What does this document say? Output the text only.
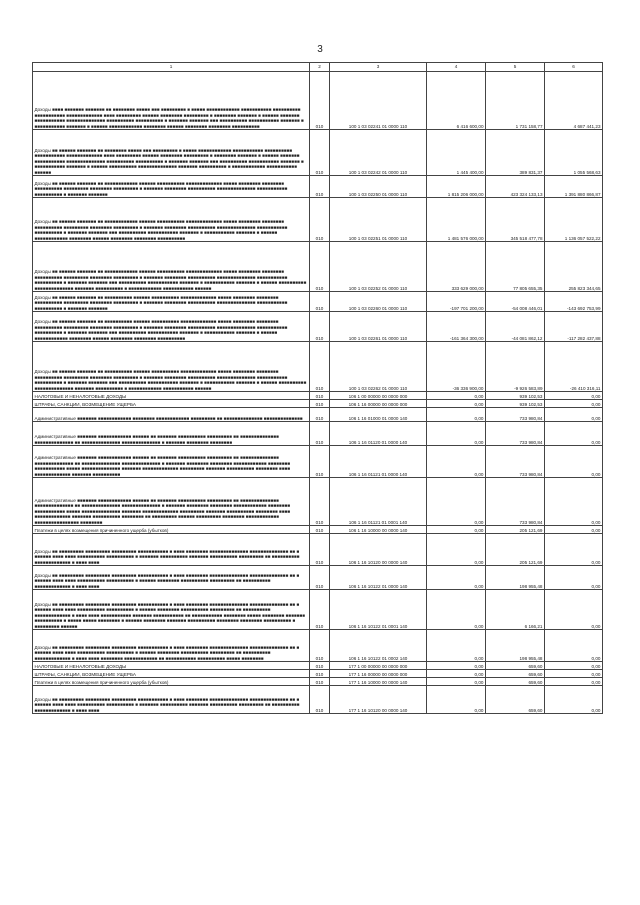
3
1	2	3	4	5	6

Доходы ■■■■ ■■■■■■■ ■■■■■■■ ■■ ■■■■■■■■ ■■■■■ ■■■ ■■■■■■■■■ ■ ■■■■■ ■■■■■■■■■■■■ ■■■■■■■■■■■ ■■■■■■■■■■ ■■■■■■■■■■■ ■■■■■■■■■■■■■ ■■■■ ■■■■■■■■■ ■■■■■■ ■■■■■■■■ ■■■■■■■■■ ■ ■■■■■■■■ ■■■■■■■ ■ ■■■■■■ ■■■■■■■ ■■■■■■■■■■■ ■■■■■■■■■■■■■■ ■■■■■■■■■■ ■■■■■■■■■■ ■ ■■■■■■■ ■■■■■■■ ■■■ ■■■■■■■■■■ ■■■■■■■■■■■ ■■■■■■■ ■ ■■■■■■■■■■■ ■■■■■■■ ■ ■■■■■■ ■■■■■■■■■■■■ ■■■■■■■■ ■■■■■■ ■■■■■■■■ ■■■■■■■■ ■■■■■■■■■■	010	100 1 03 02241 01 0000 110	6 416 600,00	1 731 158,77	4 687 441,23

Доходы ■■ ■■■■■■ ■■■■■■■ ■■ ■■■■■■■■ ■■■■■ ■■■ ■■■■■■■■■ ■ ■■■■■ ■■■■■■■■■■■■ ■■■■■■■■■■■ ■■■■■■■■■■ ■■■■■■■■■■■ ■■■■■■■■■■■■■ ■■■■ ■■■■■■■■■ ■■■■■■ ■■■■■■■■ ■■■■■■■■■ ■ ■■■■■■■■ ■■■■■■■ ■ ■■■■■■ ■■■■■■■ ■■■■■■■■■■■ ■■■■■■■■■■■■■■ ■■■■■■■■■■ ■■■■■■■■■■ ■ ■■■■■■■ ■■■■■■■ ■■■ ■■■■■■■■■■ ■■■■■■■■■■■ ■■■■■■■ ■ ■■■■■■■■■■■ ■■■■■■■ ■ ■■■■■■ ■■■■■■■■■■ ■■■■■■■■■■■■■■ ■■■■■■■ ■■■■■■■■■■ ■ ■■■■■■■■■■■■ ■■■■■■■■■■■ ■■■■■■	010	100 1 03 02242 01 0000 110	1 445 400,00	389 831,37	1 055 568,63

Доходы ■■ ■■■■■■ ■■■■■■■ ■■ ■■■■■■■■■■■■ ■■■■■■ ■■■■■■■■■■ ■■■■■■■■■■■■■ ■■■■■ ■■■■■■■■ ■■■■■■■■ ■■■■■■■■■■ ■■■■■■■■■ ■■■■■■■■ ■■■■■■■■■ ■ ■■■■■■■ ■■■■■■■■ ■■■■■■■■■■ ■■■■■■■■■■■■■■ ■■■■■■■■■■■ ■■■■■■■■■■ ■ ■■■■■■■ ■■■■■■■	010	100 1 03 02250 01 0000 110	1 815 206 000,00	423 324 133,13	1 391 880 866,87

Доходы ■■ ■■■■■■ ■■■■■■■ ■■ ■■■■■■■■■■■■ ■■■■■■ ■■■■■■■■■■ ■■■■■■■■■■■■■ ■■■■■ ■■■■■■■■ ■■■■■■■■ ■■■■■■■■■■ ■■■■■■■■■ ■■■■■■■■ ■■■■■■■■■ ■ ■■■■■■■ ■■■■■■■■ ■■■■■■■■■■ ■■■■■■■■■■■■■■ ■■■■■■■■■■■ ■■■■■■■■■■ ■ ■■■■■■■ ■■■■■■■ ■■■ ■■■■■■■■■■ ■■■■■■■■■■■ ■■■■■■■ ■ ■■■■■■■■■■■ ■■■■■■■ ■ ■■■■■■ ■■■■■■■■■■■■ ■■■■■■■■ ■■■■■■ ■■■■■■■■ ■■■■■■■■ ■■■■■■■■■■	010	100 1 03 02251 01 0000 110	1 481 576 000,00	345 518 477,78	1 136 057 522,22

Доходы ■■ ■■■■■■ ■■■■■■■ ■■ ■■■■■■■■■■■■ ■■■■■■ ■■■■■■■■■■ ■■■■■■■■■■■■■ ■■■■■ ■■■■■■■■ ■■■■■■■■ ■■■■■■■■■■ ■■■■■■■■■ ■■■■■■■■ ■■■■■■■■■ ■ ■■■■■■■ ■■■■■■■■ ■■■■■■■■■■ ■■■■■■■■■■■■■■ ■■■■■■■■■■■ ■■■■■■■■■■ ■ ■■■■■■■ ■■■■■■■ ■■■ ■■■■■■■■■■ ■■■■■■■■■■■ ■■■■■■■ ■ ■■■■■■■■■■■ ■■■■■■■ ■ ■■■■■■ ■■■■■■■■■■ ■■■■■■■■■■■■■■ ■■■■■■■ ■■■■■■■■■■ ■ ■■■■■■■■■■■■ ■■■■■■■■■■■ ■■■■■■	010	100 1 03 02252 01 0000 110	333 629 000,00	77 805 655,35	255 823 344,65

Доходы ■■ ■■■■■■ ■■■■■■■ ■■ ■■■■■■■■■■ ■■■■■■ ■■■■■■■■■■ ■■■■■■■■■■■■■ ■■■■■ ■■■■■■■■ ■■■■■■■■ ■■■■■■■■■■ ■■■■■■■■■ ■■■■■■■■ ■■■■■■■■■ ■ ■■■■■■■ ■■■■■■■■ ■■■■■■■■■■ ■■■■■■■■■■■■■■ ■■■■■■■■■■■ ■■■■■■■■■■ ■ ■■■■■■■ ■■■■■■■	010	100 1 03 02260 01 0000 110	-197 701 200,00	-54 008 446,01	-143 692 753,99

Доходы ■■ ■■■■■■ ■■■■■■■ ■■ ■■■■■■■■■■ ■■■■■■ ■■■■■■■■■■ ■■■■■■■■■■■■■ ■■■■■ ■■■■■■■■ ■■■■■■■■ ■■■■■■■■■■ ■■■■■■■■■ ■■■■■■■■ ■■■■■■■■■ ■ ■■■■■■■ ■■■■■■■■ ■■■■■■■■■■ ■■■■■■■■■■■■■■ ■■■■■■■■■■■ ■■■■■■■■■■ ■ ■■■■■■■ ■■■■■■■ ■■■ ■■■■■■■■■■ ■■■■■■■■■■■ ■■■■■■■ ■ ■■■■■■■■■■■ ■■■■■■■ ■ ■■■■■■ ■■■■■■■■■■■■ ■■■■■■■■ ■■■■■■ ■■■■■■■■ ■■■■■■■■ ■■■■■■■■■■	010	100 1 03 02261 01 0000 110	-161 364 300,00	-44 081 862,12	-117 282 437,88

Доходы ■■ ■■■■■■ ■■■■■■■ ■■ ■■■■■■■■■■ ■■■■■■ ■■■■■■■■■■ ■■■■■■■■■■■■■ ■■■■■ ■■■■■■■■ ■■■■■■■■ ■■■■■■■■■■ ■■■■■■■■■ ■■■■■■■■ ■■■■■■■■■ ■ ■■■■■■■ ■■■■■■■■ ■■■■■■■■■■ ■■■■■■■■■■■■■■ ■■■■■■■■■■■ ■■■■■■■■■■ ■ ■■■■■■■ ■■■■■■■ ■■■ ■■■■■■■■■■ ■■■■■■■■■■■ ■■■■■■■ ■ ■■■■■■■■■■■ ■■■■■■■ ■ ■■■■■■ ■■■■■■■■■■ ■■■■■■■■■■■■■■ ■■■■■■■ ■■■■■■■■■■ ■ ■■■■■■■■■■■■ ■■■■■■■■■■■ ■■■■■■	010	100 1 03 02262 01 0000 110	-36 336 900,00	-9 926 583,89	-26 410 316,11

НАЛОГОВЫЕ И НЕНАЛОГОВЫЕ ДОХОДЫ	010	106 1 00 00000 00 0000 000	0,00	939 102,53	0,00

ШТРАФЫ, САНКЦИИ, ВОЗМЕЩЕНИЕ УЩЕРБА	010	106 1 16 00000 00 0000 000	0,00	939 102,53	0,00

Административные ■■■■■■■ ■■■■■■■■■■■■ ■■■■■■■■ ■■■■■■■■■■■■ ■■■■■■■■■ ■■ ■■■■■■■■■■■■■■ ■■■■■■■■■■■■■■	010	106 1 16 01000 01 0000 140	0,00	733 980,84	0,00

Административные ■■■■■■■ ■■■■■■■■■■■■ ■■■■■■ ■■ ■■■■■■■ ■■■■■■■■■■ ■■■■■■■■■ ■■ ■■■■■■■■■■■■■■ ■■■■■■■■■■■■■■ ■■ ■■■■■■■■■■■■■■ ■■■■■■■■■■■■■■ ■ ■■■■■■■ ■■■■■■■■ ■■■■■■■■	010	106 1 16 01120 01 0000 140	0,00	733 980,84	0,00

Административные ■■■■■■■ ■■■■■■■■■■■■ ■■■■■■ ■■ ■■■■■■■ ■■■■■■■■■■ ■■■■■■■■■ ■■ ■■■■■■■■■■■■■■ ■■■■■■■■■■■■■■ ■■ ■■■■■■■■■■■■■■ ■■■■■■■■■■■■■■ ■ ■■■■■■■ ■■■■■■■■ ■■■■■■■■ ■■■■■■■■■■■■ ■■■■■■■■ ■■■■■■■■■■■ ■■■■■ ■■■■■■■■■■■■■■ ■■■■■■■ ■■■■■■■■■■■■■ ■■■■■■■■■ ■■■■■■■ ■■■■■■■■■■ ■■■■■■■■ ■■■■ ■■■■■■■■■■■■■ ■■■■■■■ ■■■■■■■■■■	010	106 1 16 01121 01 0000 140	0,00	733 980,84	0,00

Административные ■■■■■■■ ■■■■■■■■■■■■ ■■■■■■ ■■ ■■■■■■■ ■■■■■■■■■■ ■■■■■■■■■ ■■ ■■■■■■■■■■■■■■ ■■■■■■■■■■■■■■ ■■ ■■■■■■■■■■■■■■ ■■■■■■■■■■■■■■ ■ ■■■■■■■ ■■■■■■■■ ■■■■■■■■ ■■■■■■■■■■■■ ■■■■■■■■ ■■■■■■■■■■■ ■■■■■ ■■■■■■■■■■■■■■ ■■■■■■■ ■■■■■■■■■■■■■ ■■■■■■■■■ ■■■■■■■ ■■■■■■■■■■ ■■■■■■■■ ■■■■ ■■■■■■■■■■■■■ ■■■■■■■ ■■■■■■■■■■ ■■■■■■■■ ■■ ■■■■■■■■■ ■■■■■■ ■■■■■■■■■ ■■■■■■■■ ■■■■■■■■■■■■ ■■■■■■■■■■■■■■■■ ■■■■■■■■	010	106 1 16 01121 01 0001 140	0,00	733 980,84	0,00

Платежи в целях возмещения причиненного ущерба (убытков)	010	106 1 16 10000 00 0000 140	0,00	205 121,69	0,00

Доходы ■■ ■■■■■■■■■ ■■■■■■■■■ ■■■■■■■■■ ■■■■■■■■■■■ ■ ■■■■ ■■■■■■■■ ■■■■■■■■■■■■■■ ■■■■■■■■■■■■■■ ■■ ■ ■■■■■■ ■■■■ ■■■■ ■■■■■■■■■■ ■■■■■■■■■■ ■ ■■■■■■■ ■■■■■■■■■■ ■■■■■■■ ■■■■■■■■■■ ■■■■■■■■■ ■■ ■■■■■■■■■■ ■■■■■■■■■■■■■ ■ ■■■■ ■■■■	010	106 1 16 10120 00 0000 140	0,00	205 121,69	0,00

Доходы ■■ ■■■■■■■■■ ■■■■■■■■■ ■■■■■■■■■ ■■■■■■■■■■■ ■ ■■■■ ■■■■■■■■ ■■■■■■■■■■■■■■ ■■■■■■■■■■■■■■ ■■ ■ ■■■■■■ ■■■■ ■■■■ ■■■■■■■■■■ ■■■■■■■■■■ ■ ■■■■■■ ■■■■■■■■ ■■■■■■■■■■ ■■■■■■■■■ ■■ ■■■■■■■■■■ ■■■■■■■■■■■■■ ■ ■■■■ ■■■■	010	106 1 16 10122 01 0000 140	0,00	198 955,48	0,00

Доходы ■■ ■■■■■■■■■ ■■■■■■■■■ ■■■■■■■■■ ■■■■■■■■■■■ ■ ■■■■ ■■■■■■■■ ■■■■■■■■■■■■■■ ■■■■■■■■■■■■■■ ■■ ■ ■■■■■■ ■■■■ ■■■■ ■■■■■■■■■■ ■■■■■■■■■■ ■ ■■■■■■ ■■■■■■■■ ■■■■■■■■■■ ■■■■■■■■■ ■■ ■■■■■■■■■■ ■■■■■■■■■■■■■ ■ ■■■■ ■■■■ ■■■■■■■■■■■ ■■■■■■■ ■■■■■■■■■■■ ■■ ■■■■■■■■■■■ ■■■■■■■■ ■■■■■ ■■■■■■■■ ■■■■■■■ ■■■■■■■■■■ ■ ■■■■■ ■■■■■ ■■■■■■■■ ■ ■■■■■■ ■■■■■■■■ ■■■■■■■ ■■■■■■■■■■ ■■■■■■■■ ■■■■■■■■ ■■■■■■■■■■ ■ ■■■■■■■■■ ■■■■■■	010	106 1 16 10122 01 0001 140	0,00	6 166,21	0,00

Доходы ■■ ■■■■■■■■■ ■■■■■■■■■ ■■■■■■■■■ ■■■■■■■■■■■ ■ ■■■■ ■■■■■■■■ ■■■■■■■■■■■■■■ ■■■■■■■■■■■■■■ ■■ ■ ■■■■■■ ■■■■ ■■■■ ■■■■■■■■■■ ■■■■■■■■■■ ■ ■■■■■■ ■■■■■■■■ ■■■■■■■■■■ ■■■■■■■■■ ■■ ■■■■■■■■■■ ■■■■■■■■■■■■■ ■ ■■■■ ■■■■ ■■■■■■■■ ■■■■■■■■■■■■ ■■ ■■■■■■■■■■■ ■■■■■■■■■■ ■■■■■ ■■■■■■■■	010	106 1 16 10122 01 0002 140	0,00	198 955,48	0,00

НАЛОГОВЫЕ И НЕНАЛОГОВЫЕ ДОХОДЫ	010	177 1 00 00000 00 0000 000	0,00	659,60	0,00

ШТРАФЫ, САНКЦИИ, ВОЗМЕЩЕНИЕ УЩЕРБА	010	177 1 16 00000 00 0000 000	0,00	659,60	0,00

Платежи в целях возмещения причиненного ущерба (убытков)	010	177 1 16 10000 00 0000 140	0,00	659,60	0,00

Доходы ■■ ■■■■■■■■■ ■■■■■■■■■ ■■■■■■■■■ ■■■■■■■■■■■ ■ ■■■■ ■■■■■■■■ ■■■■■■■■■■■■■■ ■■■■■■■■■■■■■■ ■■ ■ ■■■■■■ ■■■■ ■■■■ ■■■■■■■■■■ ■■■■■■■■■■ ■ ■■■■■■■ ■■■■■■■■■■ ■■■■■■■ ■■■■■■■■■■ ■■■■■■■■■ ■■ ■■■■■■■■■■ ■■■■■■■■■■■■■ ■ ■■■■ ■■■■	010	177 1 16 10120 00 0000 140	0,00	659,60	0,00
